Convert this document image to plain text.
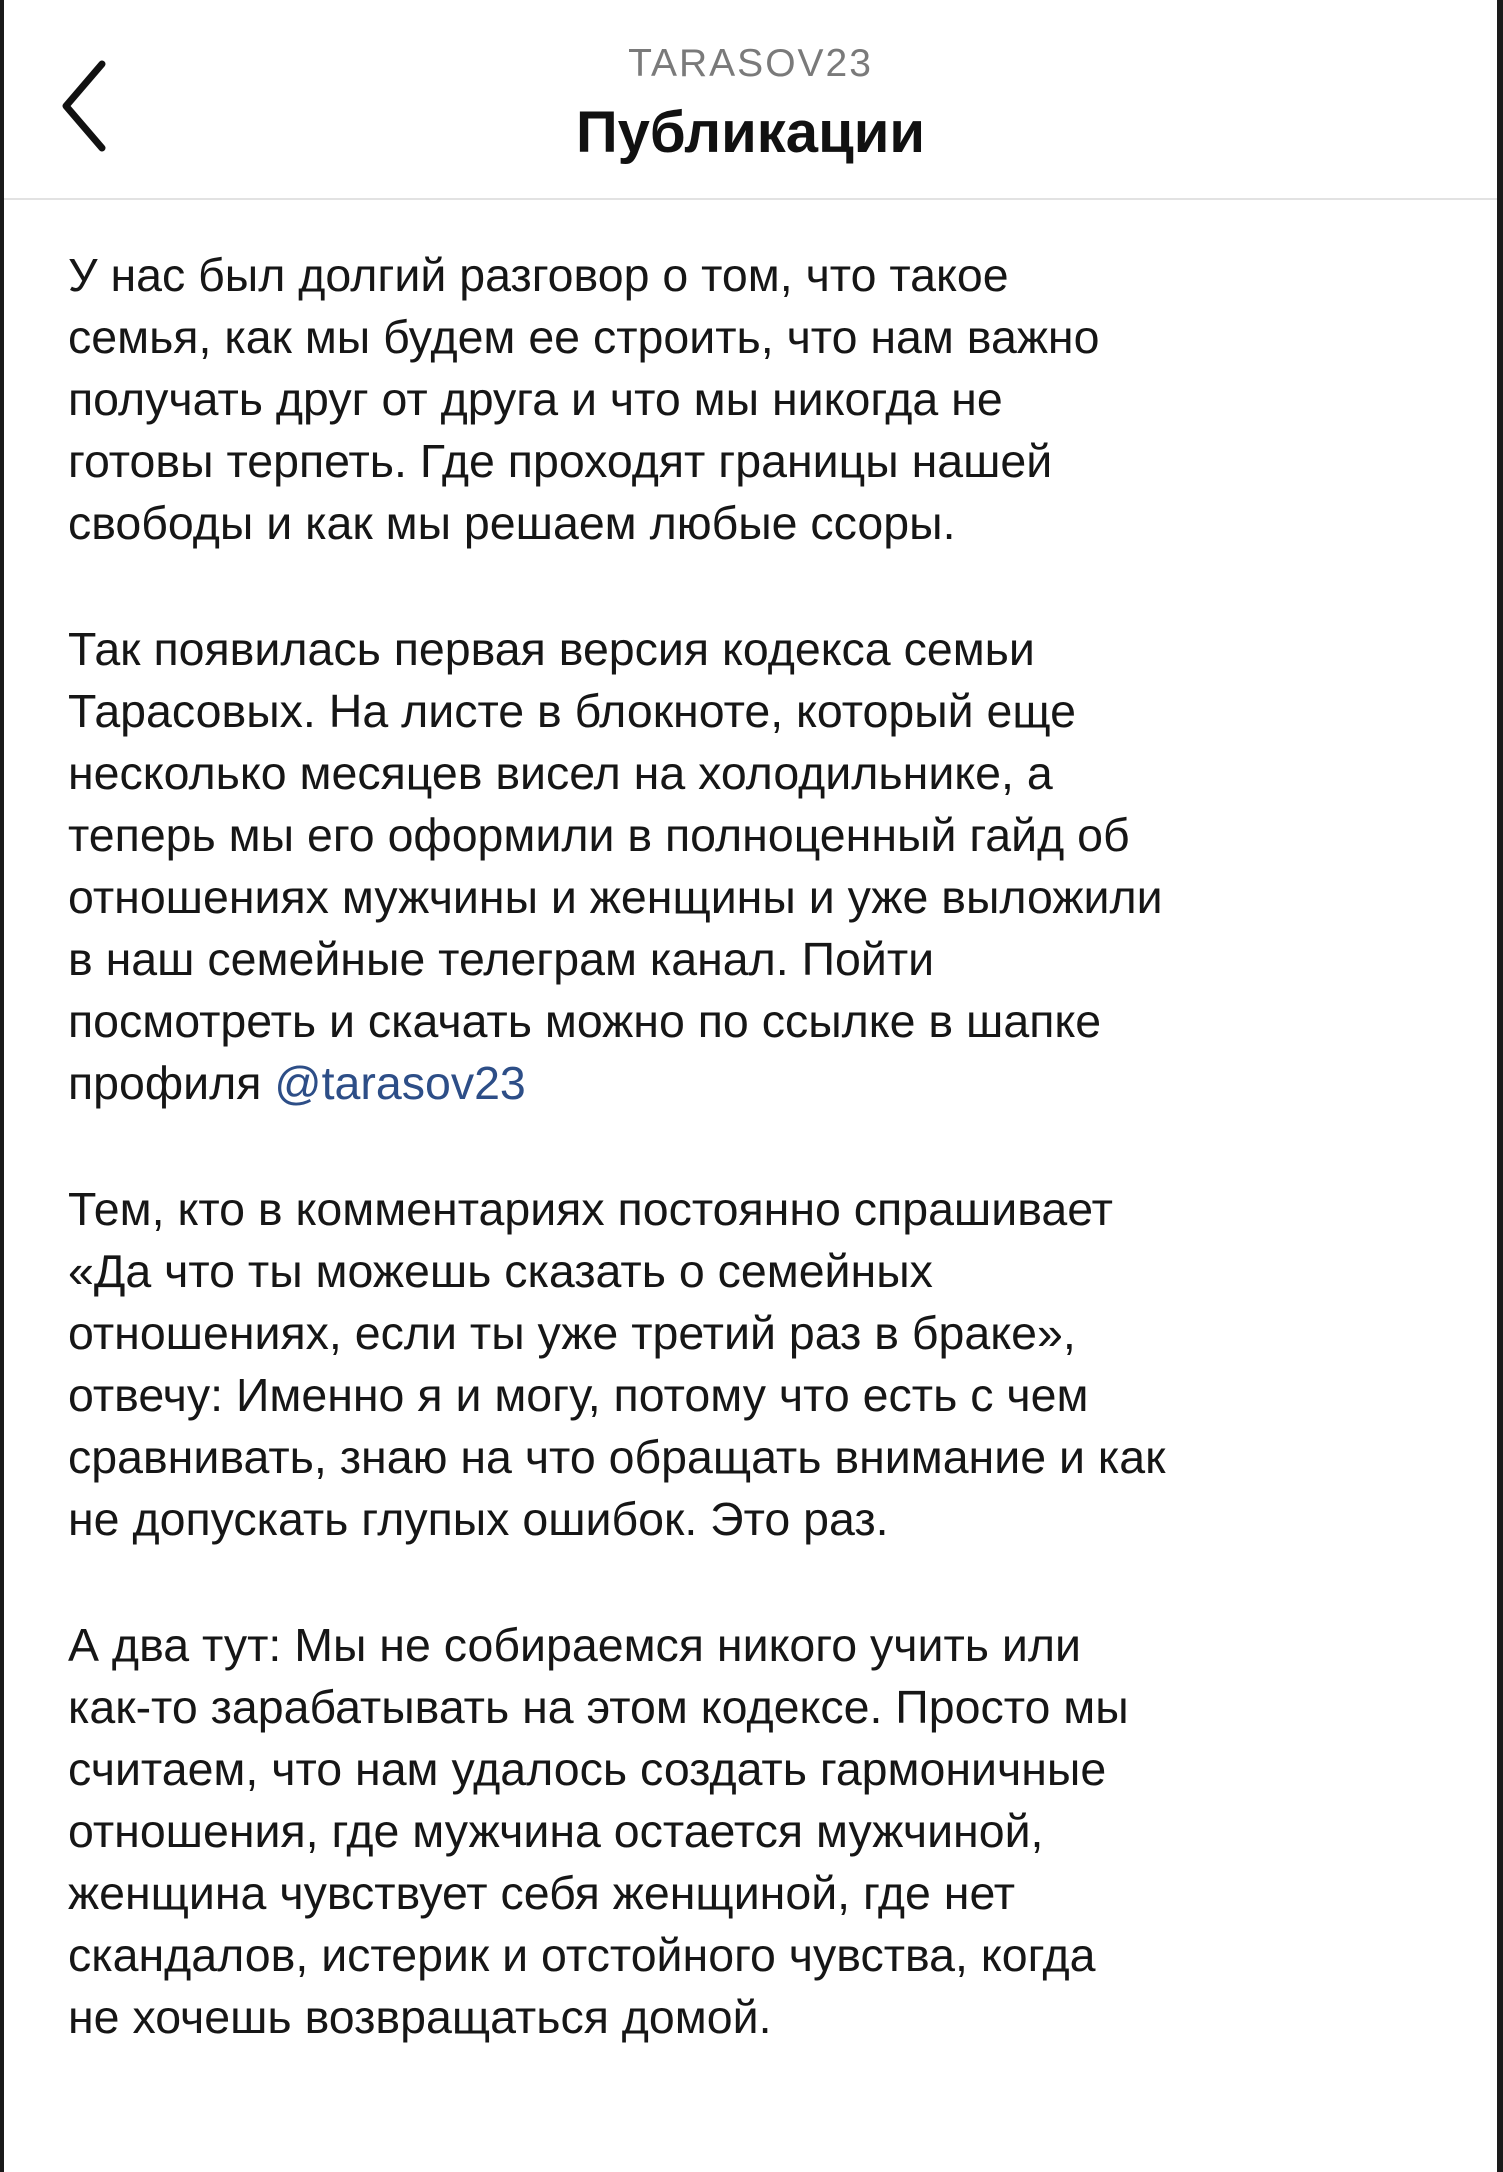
TARASOV23
Публикации

У нас был долгий разговор о том, что такое
семья, как мы будем ее строить, что нам важно
получать друг от друга и что мы никогда не
готовы терпеть. Где проходят границы нашей
свободы и как мы решаем любые ссоры.

Так появилась первая версия кодекса семьи
Тарасовых. На листе в блокноте, который еще
несколько месяцев висел на холодильнике, а
теперь мы его оформили в полноценный гайд об
отношениях мужчины и женщины и уже выложили
в наш семейные телеграм канал. Пойти
посмотреть и скачать можно по ссылке в шапке
профиля @tarasov23

Тем, кто в комментариях постоянно спрашивает
«Да что ты можешь сказать о семейных
отношениях, если ты уже третий раз в браке»,
отвечу: Именно я и могу, потому что есть с чем
сравнивать, знаю на что обращать внимание и как
не допускать глупых ошибок. Это раз.

А два тут: Мы не собираемся никого учить или
как-то зарабатывать на этом кодексе. Просто мы
считаем, что нам удалось создать гармоничные
отношения, где мужчина остается мужчиной,
женщина чувствует себя женщиной, где нет
скандалов, истерик и отстойного чувства, когда
не хочешь возвращаться домой.
